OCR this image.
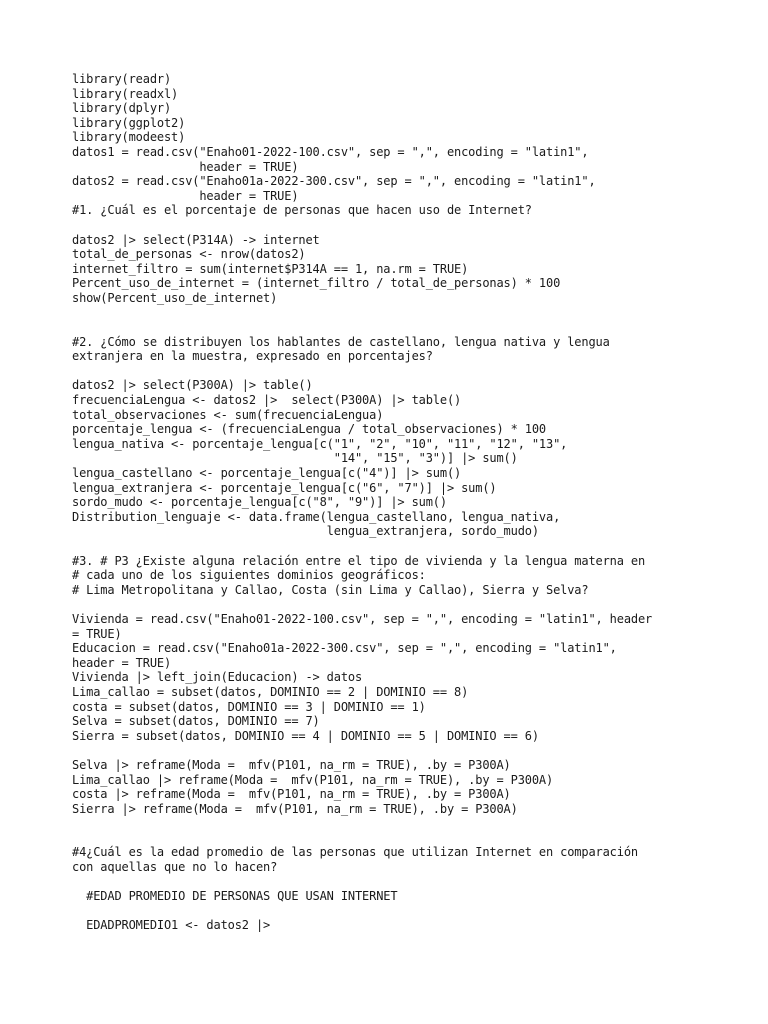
library(readr)
library(readxl)
library(dplyr)
library(ggplot2)
library(modeest)
datos1 = read.csv("Enaho01-2022-100.csv", sep = ",", encoding = "latin1",
header = TRUE)
datos2 = read.csv("Enaho01a-2022-300.csv", sep = ",", encoding = "latin1",
header = TRUE)
#1. ¿Cuál es el porcentaje de personas que hacen uso de Internet?
datos2 |> select(P314A) -> internet
total_de_personas <- nrow(datos2)
internet_filtro = sum(internet$P314A == 1, na.rm = TRUE)
Percent_uso_de_internet = (internet_filtro / total_de_personas) * 100
show(Percent_uso_de_internet)
#2. ¿Cómo se distribuyen los hablantes de castellano, lengua nativa y lengua
extranjera en la muestra, expresado en porcentajes?
datos2 |> select(P300A) |> table()
frecuenciaLengua <- datos2 |>  select(P300A) |> table()
total_observaciones <- sum(frecuenciaLengua)
porcentaje_lengua <- (frecuenciaLengua / total_observaciones) * 100
lengua_nativa <- porcentaje_lengua[c("1", "2", "10", "11", "12", "13",
"14", "15", "3")] |> sum()
lengua_castellano <- porcentaje_lengua[c("4")] |> sum()
lengua_extranjera <- porcentaje_lengua[c("6", "7")] |> sum()
sordo_mudo <- porcentaje_lengua[c("8", "9")] |> sum()
Distribution_lenguaje <- data.frame(lengua_castellano, lengua_nativa,
lengua_extranjera, sordo_mudo)
#3. # P3 ¿Existe alguna relación entre el tipo de vivienda y la lengua materna en
# cada uno de los siguientes dominios geográficos:
# Lima Metropolitana y Callao, Costa (sin Lima y Callao), Sierra y Selva?
Vivienda = read.csv("Enaho01-2022-100.csv", sep = ",", encoding = "latin1", header
= TRUE)
Educacion = read.csv("Enaho01a-2022-300.csv", sep = ",", encoding = "latin1",
header = TRUE)
Vivienda |> left_join(Educacion) -> datos
Lima_callao = subset(datos, DOMINIO == 2 | DOMINIO == 8)
costa = subset(datos, DOMINIO == 3 | DOMINIO == 1)
Selva = subset(datos, DOMINIO == 7)
Sierra = subset(datos, DOMINIO == 4 | DOMINIO == 5 | DOMINIO == 6)
Selva |> reframe(Moda =  mfv(P101, na_rm = TRUE), .by = P300A)
Lima_callao |> reframe(Moda =  mfv(P101, na_rm = TRUE), .by = P300A)
costa |> reframe(Moda =  mfv(P101, na_rm = TRUE), .by = P300A)
Sierra |> reframe(Moda =  mfv(P101, na_rm = TRUE), .by = P300A)
#4¿Cuál es la edad promedio de las personas que utilizan Internet en comparación
con aquellas que no lo hacen?
#EDAD PROMEDIO DE PERSONAS QUE USAN INTERNET
EDADPROMEDIO1 <- datos2 |>
